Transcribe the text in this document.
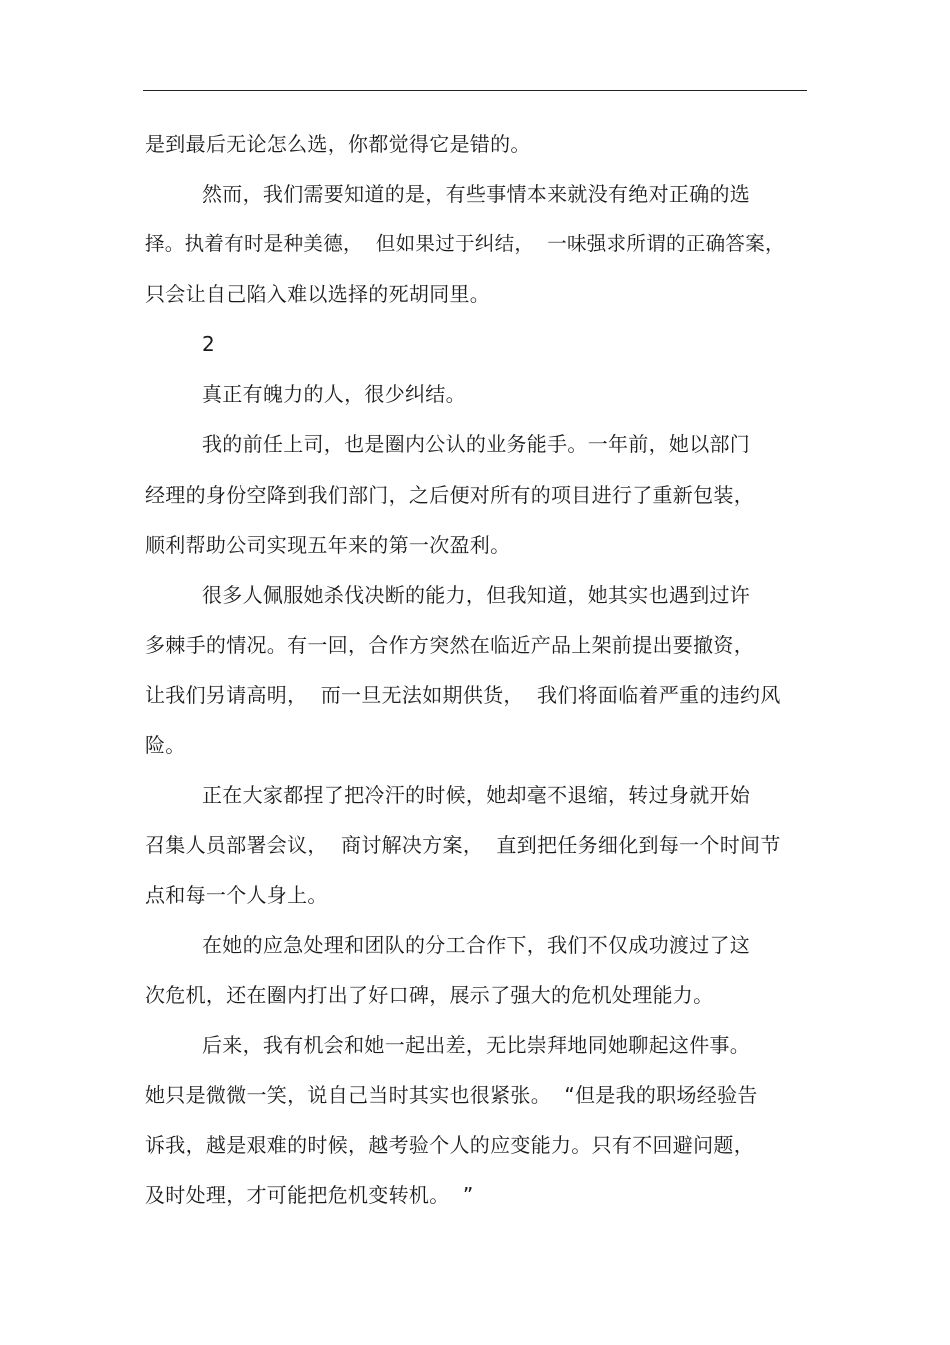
是到最后无论怎么选，你都觉得它是错的。

然而，我们需要知道的是，有些事情本来就没有绝对正确的选

择。执着有时是种美德，  但如果过于纠结，  一味强求所谓的正确答案，

只会让自己陷入难以选择的死胡同里。

2

真正有魄力的人，很少纠结。

我的前任上司，也是圈内公认的业务能手。一年前，她以部门

经理的身份空降到我们部门，之后便对所有的项目进行了重新包装，

顺利帮助公司实现五年来的第一次盈利。

很多人佩服她杀伐决断的能力，但我知道，她其实也遇到过许

多棘手的情况。有一回，合作方突然在临近产品上架前提出要撤资，

让我们另请高明，  而一旦无法如期供货，  我们将面临着严重的违约风

险。

正在大家都捏了把冷汗的时候，她却毫不退缩，转过身就开始

召集人员部署会议，  商讨解决方案，  直到把任务细化到每一个时间节

点和每一个人身上。

在她的应急处理和团队的分工合作下，我们不仅成功渡过了这

次危机，还在圈内打出了好口碑，展示了强大的危机处理能力。

后来，我有机会和她一起出差，无比崇拜地同她聊起这件事。

她只是微微一笑，说自己当时其实也很紧张。  “但是我的职场经验告

诉我，越是艰难的时候，越考验个人的应变能力。只有不回避问题，

及时处理，才可能把危机变转机。  ”
